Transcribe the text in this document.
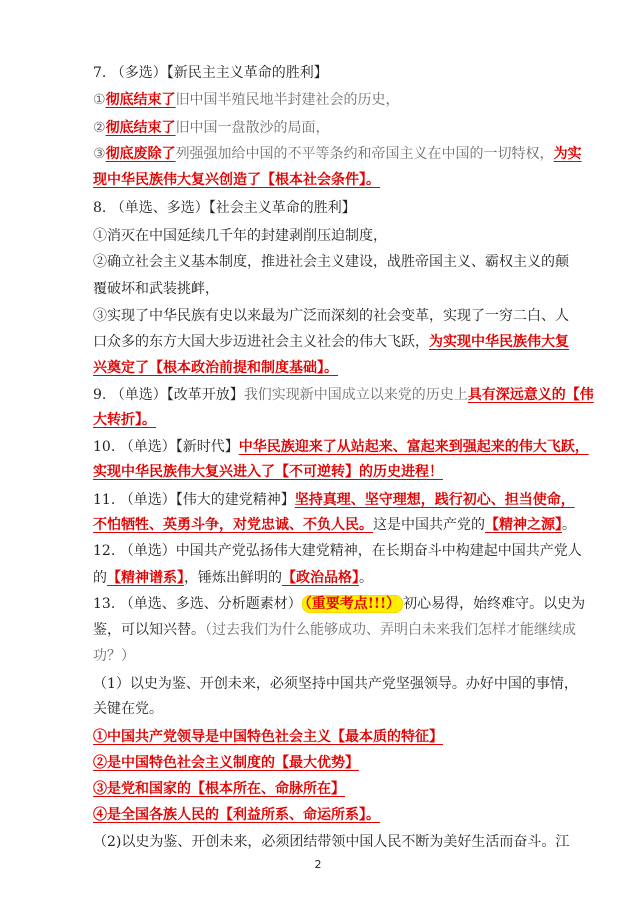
7. （多选）【新民主主义革命的胜利】
①彻底结束了旧中国半殖民地半封建社会的历史，
②彻底结束了旧中国一盘散沙的局面，
③彻底废除了列强强加给中国的不平等条约和帝国主义在中国的一切特权，为实
现中华民族伟大复兴创造了【根本社会条件】。
8. （单选、多选）【社会主义革命的胜利】
①消灭在中国延续几千年的封建剥削压迫制度，
②确立社会主义基本制度，推进社会主义建设，战胜帝国主义、霸权主义的颠
覆破坏和武装挑衅，
③实现了中华民族有史以来最为广泛而深刻的社会变革，实现了一穷二白、人
口众多的东方大国大步迈进社会主义社会的伟大飞跃，为实现中华民族伟大复
兴奠定了【根本政治前提和制度基础】。
9. （单选）【改革开放】我们实现新中国成立以来党的历史上具有深远意义的【伟
大转折】。
10. （单选）【新时代】中华民族迎来了从站起来、富起来到强起来的伟大飞跃，
实现中华民族伟大复兴进入了【不可逆转】的历史进程！
11. （单选）【伟大的建党精神】坚持真理、坚守理想，践行初心、担当使命，
不怕牺牲、英勇斗争，对党忠诚、不负人民。这是中国共产党的【精神之源】。
12. （单选）中国共产党弘扬伟大建党精神，在长期奋斗中构建起中国共产党人
的【精神谱系】，锤炼出鲜明的【政治品格】。
13. （单选、多选、分析题素材） （重要考点!!!） 初心易得，始终难守。以史为
鉴，可以知兴替。（过去我们为什么能够成功、弄明白未来我们怎样才能继续成
功？）
（1）以史为鉴、开创未来，必须坚持中国共产党坚强领导。办好中国的事情，
关键在党。
①中国共产党领导是中国特色社会主义【最本质的特征】
②是中国特色社会主义制度的【最大优势】
③是党和国家的【根本所在、命脉所在】
④是全国各族人民的【利益所系、命运所系】。
（2)以史为鉴、开创未来，必须团结带领中国人民不断为美好生活而奋斗。江
2
